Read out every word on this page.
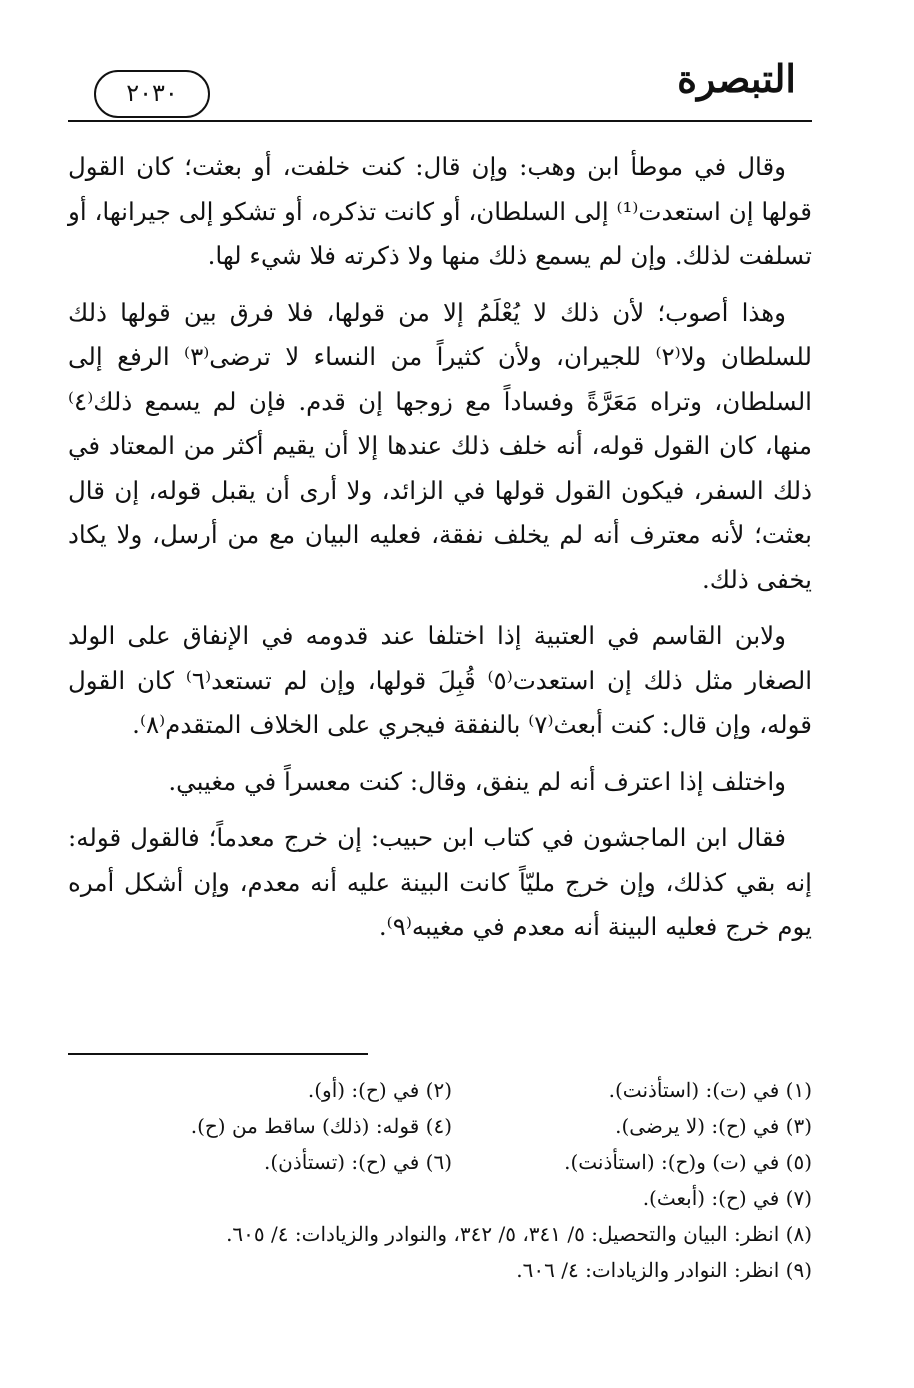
التبصرة
٢٠٣٠

وقال في موطأ ابن وهب: وإن قال: كنت خلفت، أو بعثت؛ كان القول قولها إن استعدت⁽¹⁾ إلى السلطان، أو كانت تذكره، أو تشكو إلى جيرانها، أو تسلفت لذلك. وإن لم يسمع ذلك منها ولا ذكرته فلا شيء لها.

وهذا أصوب؛ لأن ذلك لا يُعْلَمُ إلا من قولها، فلا فرق بين قولها ذلك للسلطان ولا⁽٢⁾ للجيران، ولأن كثيراً من النساء لا ترضى⁽٣⁾ الرفع إلى السلطان، وتراه مَعَرَّةً وفساداً مع زوجها إن قدم. فإن لم يسمع ذلك⁽٤⁾ منها، كان القول قوله، أنه خلف ذلك عندها إلا أن يقيم أكثر من المعتاد في ذلك السفر، فيكون القول قولها في الزائد، ولا أرى أن يقبل قوله، إن قال بعثت؛ لأنه معترف أنه لم يخلف نفقة، فعليه البيان مع من أرسل، ولا يكاد يخفى ذلك.

ولابن القاسم في العتبية إذا اختلفا عند قدومه في الإنفاق على الولد الصغار مثل ذلك إن استعدت⁽٥⁾ قُبِلَ قولها، وإن لم تستعد⁽٦⁾ كان القول قوله، وإن قال: كنت أبعث⁽٧⁾ بالنفقة فيجري على الخلاف المتقدم⁽٨⁾.

واختلف إذا اعترف أنه لم ينفق، وقال: كنت معسراً في مغيبي.

فقال ابن الماجشون في كتاب ابن حبيب: إن خرج معدماً؛ فالقول قوله: إنه بقي كذلك، وإن خرج مليّاً كانت البينة عليه أنه معدم، وإن أشكل أمره يوم خرج فعليه البينة أنه معدم في مغيبه⁽٩⁾.

(١) في (ت): (استأذنت).
(٢) في (ح): (أو).
(٣) في (ح): (لا يرضى).
(٤) قوله: (ذلك) ساقط من (ح).
(٥) في (ت) و(ح): (استأذنت).
(٦) في (ح): (تستأذن).
(٧) في (ح): (أبعث).
(٨) انظر: البيان والتحصيل: ٥/ ٣٤١، ٥/ ٣٤٢، والنوادر والزيادات: ٤/ ٦٠٥.
(٩) انظر: النوادر والزيادات: ٤/ ٦٠٦.
